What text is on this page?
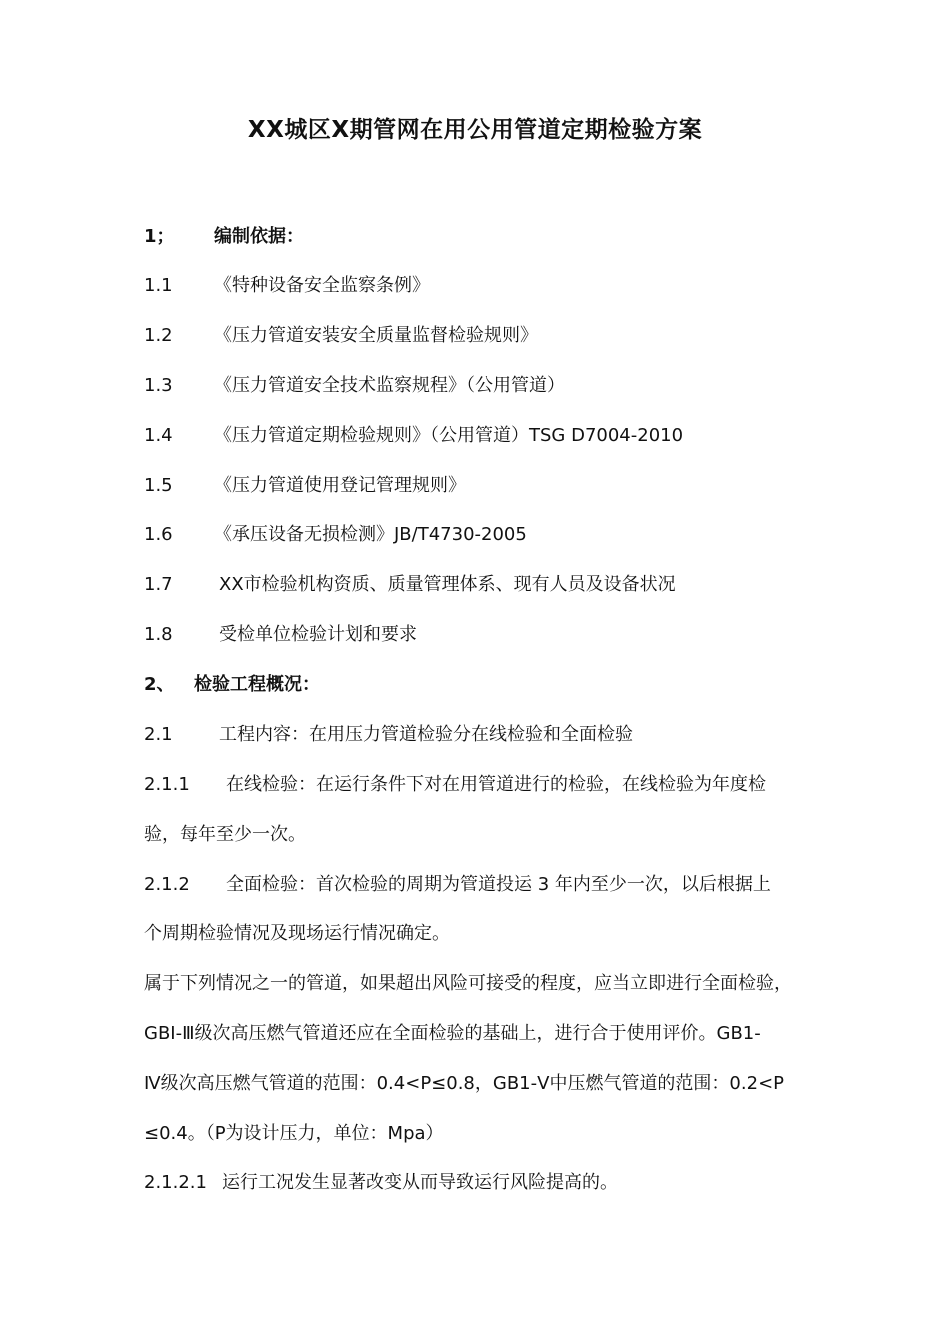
XX城区X期管网在用公用管道定期检验方案
1； 编制依据：
1.1 《特种设备安全监察条例》
1.2 《压力管道安装安全质量监督检验规则》
1.3 《压力管道安全技术监察规程》（公用管道）
1.4 《压力管道定期检验规则》（公用管道）TSG D7004-2010
1.5 《压力管道使用登记管理规则》
1.6 《承压设备无损检测》JB/T4730-2005
1.7	XX市检验机构资质、质量管理体系、现有人员及设备状况
1.8	受检单位检验计划和要求
2、 检验工程概况：
2.1	工程内容：在用压力管道检验分在线检验和全面检验
2.1.1 在线检验：在运行条件下对在用管道进行的检验，在线检验为年度检
验，每年至少一次。
2.1.2 全面检验：首次检验的周期为管道投运 3 年内至少一次，以后根据上
个周期检验情况及现场运行情况确定。
属于下列情况之一的管道，如果超出风险可接受的程度，应当立即进行全面检验，
GBI-Ⅲ级次高压燃气管道还应在全面检验的基础上，进行合于使用评价。GB1-
Ⅳ级次高压燃气管道的范围：0.4<P≤0.8，GB1-Ⅴ中压燃气管道的范围：0.2<P
≤0.4。（P为设计压力，单位：Mpa）
2.1.2.1 运行工况发生显著改变从而导致运行风险提高的。
